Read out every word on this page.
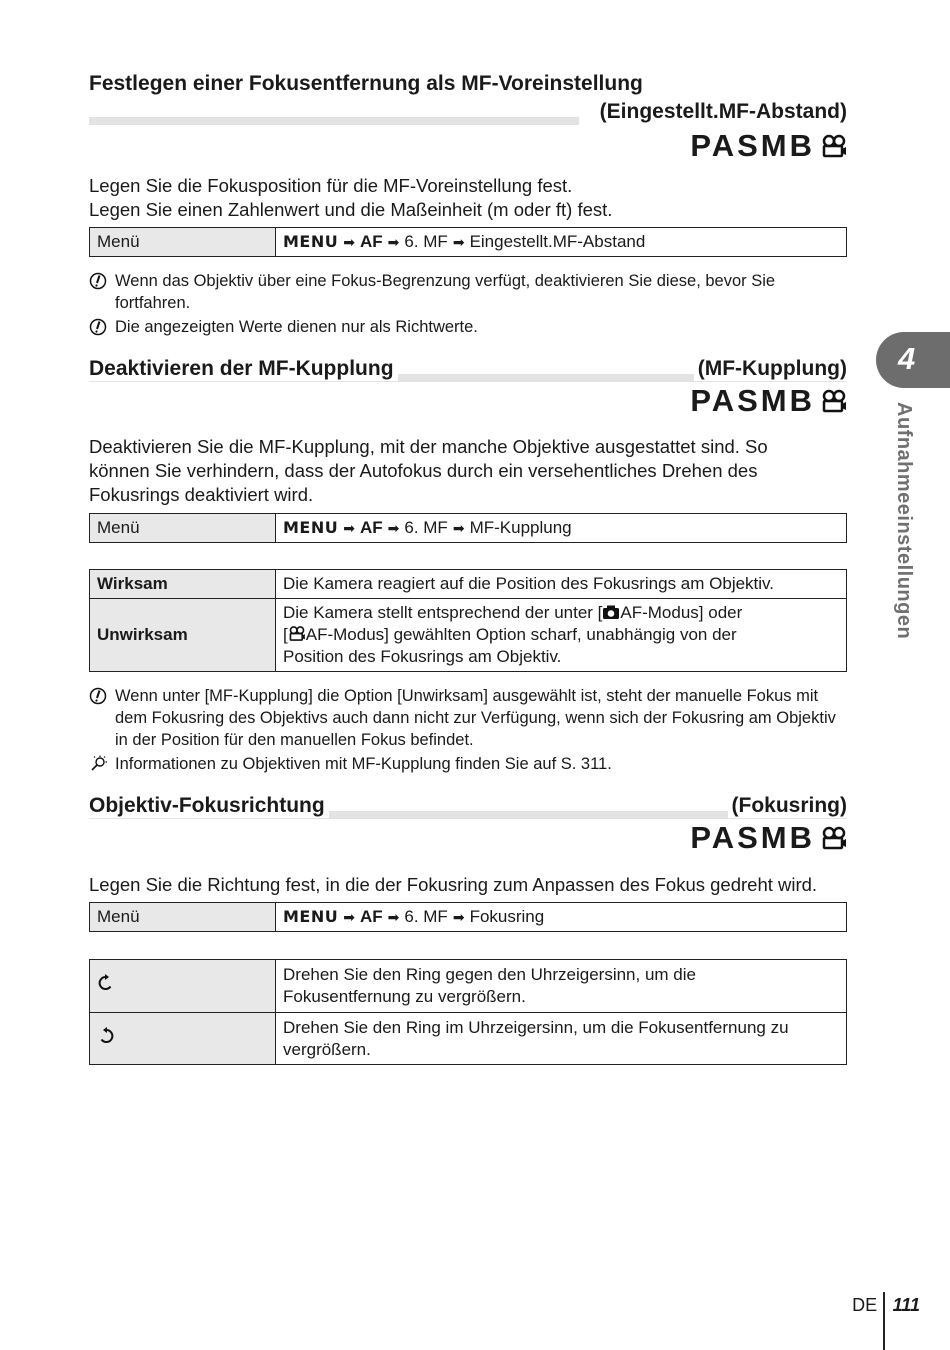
Festlegen einer Fokusentfernung als MF-Voreinstellung
(Eingestellt.MF-Abstand)
PASMB
Legen Sie die Fokusposition für die MF-Voreinstellung fest.
Legen Sie einen Zahlenwert und die Maßeinheit (m oder ft) fest.
Menü	MENU ➡ AF ➡ 6. MF ➡ Eingestellt.MF-Abstand
Wenn das Objektiv über eine Fokus-Begrenzung verfügt, deaktivieren Sie diese, bevor Sie fortfahren.
Die angezeigten Werte dienen nur als Richtwerte.
Deaktivieren der MF-Kupplung	(MF-Kupplung)
PASMB
Deaktivieren Sie die MF-Kupplung, mit der manche Objektive ausgestattet sind. So
können Sie verhindern, dass der Autofokus durch ein versehentliches Drehen des
Fokusrings deaktiviert wird.
Menü	MENU ➡ AF ➡ 6. MF ➡ MF-Kupplung
Wirksam	Die Kamera reagiert auf die Position des Fokusrings am Objektiv.
Unwirksam	Die Kamera stellt entsprechend der unter [ AF-Modus] oder
[ AF-Modus] gewählten Option scharf, unabhängig von der
Position des Fokusrings am Objektiv.
Wenn unter [MF-Kupplung] die Option [Unwirksam] ausgewählt ist, steht der manuelle Fokus mit dem Fokusring des Objektivs auch dann nicht zur Verfügung, wenn sich der Fokusring am Objektiv in der Position für den manuellen Fokus befindet.
Informationen zu Objektiven mit MF-Kupplung finden Sie auf S. 311.
Objektiv-Fokusrichtung	(Fokusring)
PASMB
Legen Sie die Richtung fest, in die der Fokusring zum Anpassen des Fokus gedreht wird.
Menü	MENU ➡ AF ➡ 6. MF ➡ Fokusring

Drehen Sie den Ring gegen den Uhrzeigersinn, um die
Fokusentfernung zu vergrößern.

Drehen Sie den Ring im Uhrzeigersinn, um die Fokusentfernung zu
vergrößern.
4
Aufnahmeeinstellungen
DE 111
